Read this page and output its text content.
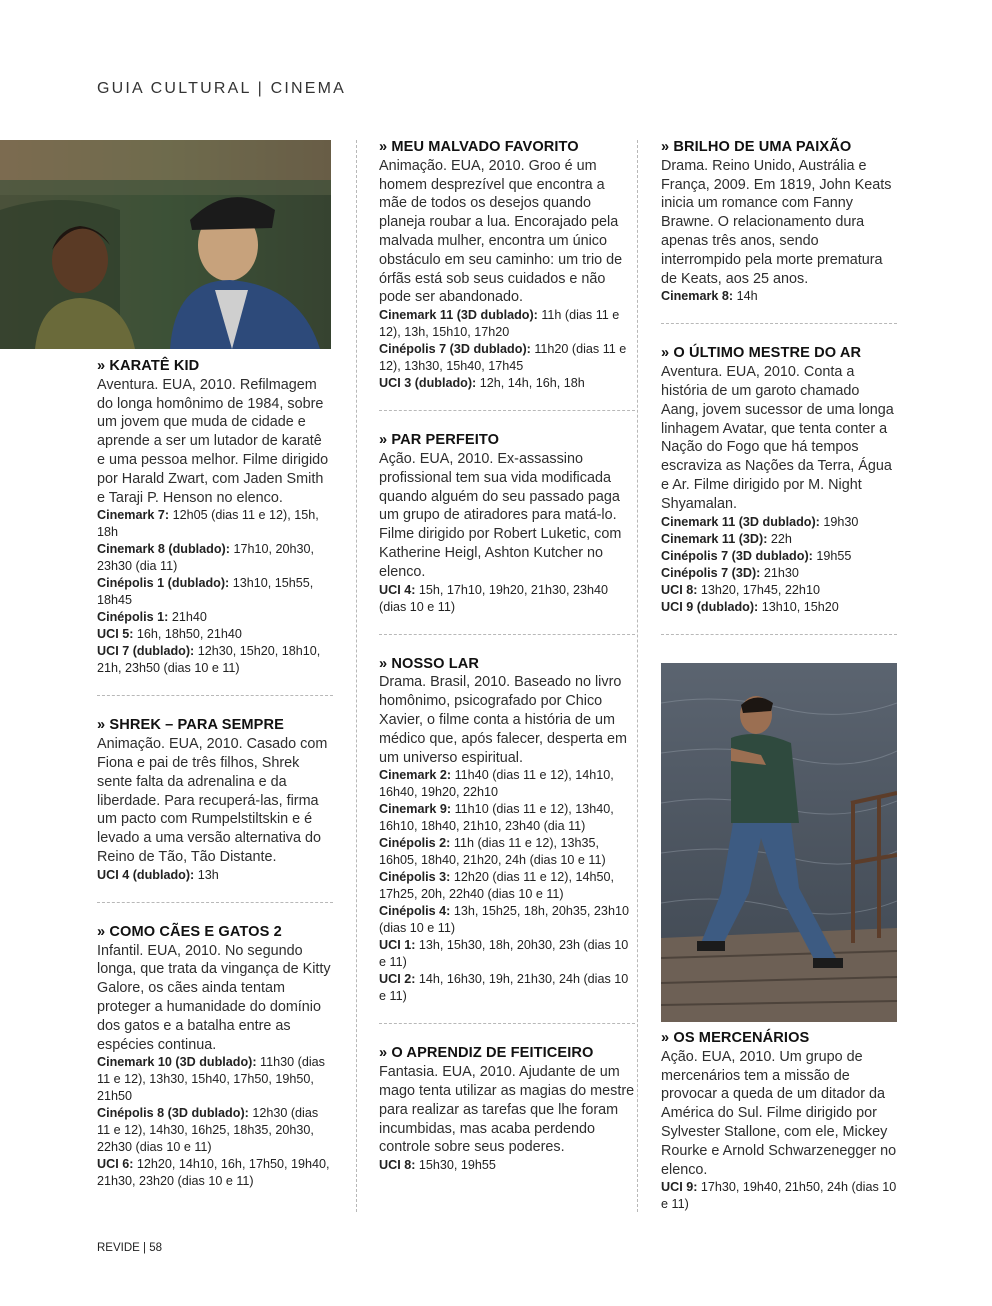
GUIA CULTURAL | CINEMA
» KARATÊ KID
Aventura. EUA, 2010. Refilmagem do longa homônimo de 1984, sobre um jovem que muda de cidade e aprende a ser um lutador de karatê e uma pessoa melhor. Filme dirigido por Harald Zwart, com Jaden Smith e Taraji P. Henson no elenco.
Cinemark 7: 12h05 (dias 11 e 12), 15h, 18h
Cinemark 8 (dublado): 17h10, 20h30, 23h30 (dia 11)
Cinépolis 1 (dublado): 13h10, 15h55, 18h45
Cinépolis 1: 21h40
UCI 5: 16h, 18h50, 21h40
UCI 7 (dublado): 12h30, 15h20, 18h10, 21h, 23h50 (dias 10 e 11)
» SHREK – PARA SEMPRE
Animação. EUA, 2010. Casado com Fiona e pai de três filhos, Shrek sente falta da adrenalina e da liberdade. Para recuperá-las, firma um pacto com Rumpelstiltskin e é levado a uma versão alternativa do Reino de Tão, Tão Distante.
UCI 4 (dublado): 13h
» COMO CÃES E GATOS 2
Infantil. EUA, 2010. No segundo longa, que trata da vingança de Kitty Galore, os cães ainda tentam proteger a humanidade do domínio dos gatos e a batalha entre as espécies continua.
Cinemark 10 (3D dublado): 11h30 (dias 11 e 12), 13h30, 15h40, 17h50, 19h50, 21h50
Cinépolis 8 (3D dublado): 12h30 (dias 11 e 12), 14h30, 16h25, 18h35, 20h30, 22h30 (dias 10 e 11)
UCI 6: 12h20, 14h10, 16h, 17h50, 19h40, 21h30, 23h20 (dias 10 e 11)
» MEU MALVADO FAVORITO
Animação. EUA, 2010. Groo é um homem desprezível que encontra a mãe de todos os desejos quando planeja roubar a lua. Encorajado pela malvada mulher, encontra um único obstáculo em seu caminho: um trio de órfãs está sob seus cuidados e não pode ser abandonado.
Cinemark 11 (3D dublado): 11h (dias 11 e 12), 13h, 15h10, 17h20
Cinépolis 7 (3D dublado): 11h20 (dias 11 e 12), 13h30, 15h40, 17h45
UCI 3 (dublado): 12h, 14h, 16h, 18h
» PAR PERFEITO
Ação. EUA, 2010. Ex-assassino profissional tem sua vida modificada quando alguém do seu passado paga um grupo de atiradores para matá-lo. Filme dirigido por Robert Luketic, com Katherine Heigl, Ashton Kutcher no elenco.
UCI 4: 15h, 17h10, 19h20, 21h30, 23h40 (dias 10 e 11)
» NOSSO LAR
Drama. Brasil, 2010. Baseado no livro homônimo, psicografado por Chico Xavier, o filme conta a história de um médico que, após falecer, desperta em um universo espiritual.
Cinemark 2: 11h40 (dias 11 e 12), 14h10, 16h40, 19h20, 22h10
Cinemark 9: 11h10 (dias 11 e 12), 13h40, 16h10, 18h40, 21h10, 23h40 (dia 11)
Cinépolis 2: 11h (dias 11 e 12), 13h35, 16h05, 18h40, 21h20, 24h (dias 10 e 11)
Cinépolis 3: 12h20 (dias 11 e 12), 14h50, 17h25, 20h, 22h40 (dias 10 e 11)
Cinépolis 4: 13h, 15h25, 18h, 20h35, 23h10 (dias 10 e 11)
UCI 1: 13h, 15h30, 18h, 20h30, 23h (dias 10 e 11)
UCI 2: 14h, 16h30, 19h, 21h30, 24h (dias 10 e 11)
» O APRENDIZ DE FEITICEIRO
Fantasia. EUA, 2010. Ajudante de um mago tenta utilizar as magias do mestre para realizar as tarefas que lhe foram incumbidas, mas acaba perdendo controle sobre seus poderes.
UCI 8: 15h30, 19h55
» BRILHO DE UMA PAIXÃO
Drama. Reino Unido, Austrália e França, 2009. Em 1819, John Keats inicia um romance com Fanny Brawne. O relacionamento dura apenas três anos, sendo interrompido pela morte prematura de Keats, aos 25 anos.
Cinemark 8: 14h
» O ÚLTIMO MESTRE DO AR
Aventura. EUA, 2010. Conta a história de um garoto chamado Aang, jovem sucessor de uma longa linhagem Avatar, que tenta conter a Nação do Fogo que há tempos escraviza as Nações da Terra, Água e Ar. Filme dirigido por M. Night Shyamalan.
Cinemark 11 (3D dublado): 19h30
Cinemark 11 (3D): 22h
Cinépolis 7 (3D dublado): 19h55
Cinépolis 7 (3D): 21h30
UCI 8: 13h20, 17h45, 22h10
UCI 9 (dublado): 13h10, 15h20
» OS MERCENÁRIOS
Ação. EUA, 2010. Um grupo de mercenários tem a missão de provocar a queda de um ditador da América do Sul. Filme dirigido por Sylvester Stallone, com ele, Mickey Rourke e Arnold Schwarzenegger no elenco.
UCI 9: 17h30, 19h40, 21h50, 24h (dias 10 e 11)
REVIDE | 58
